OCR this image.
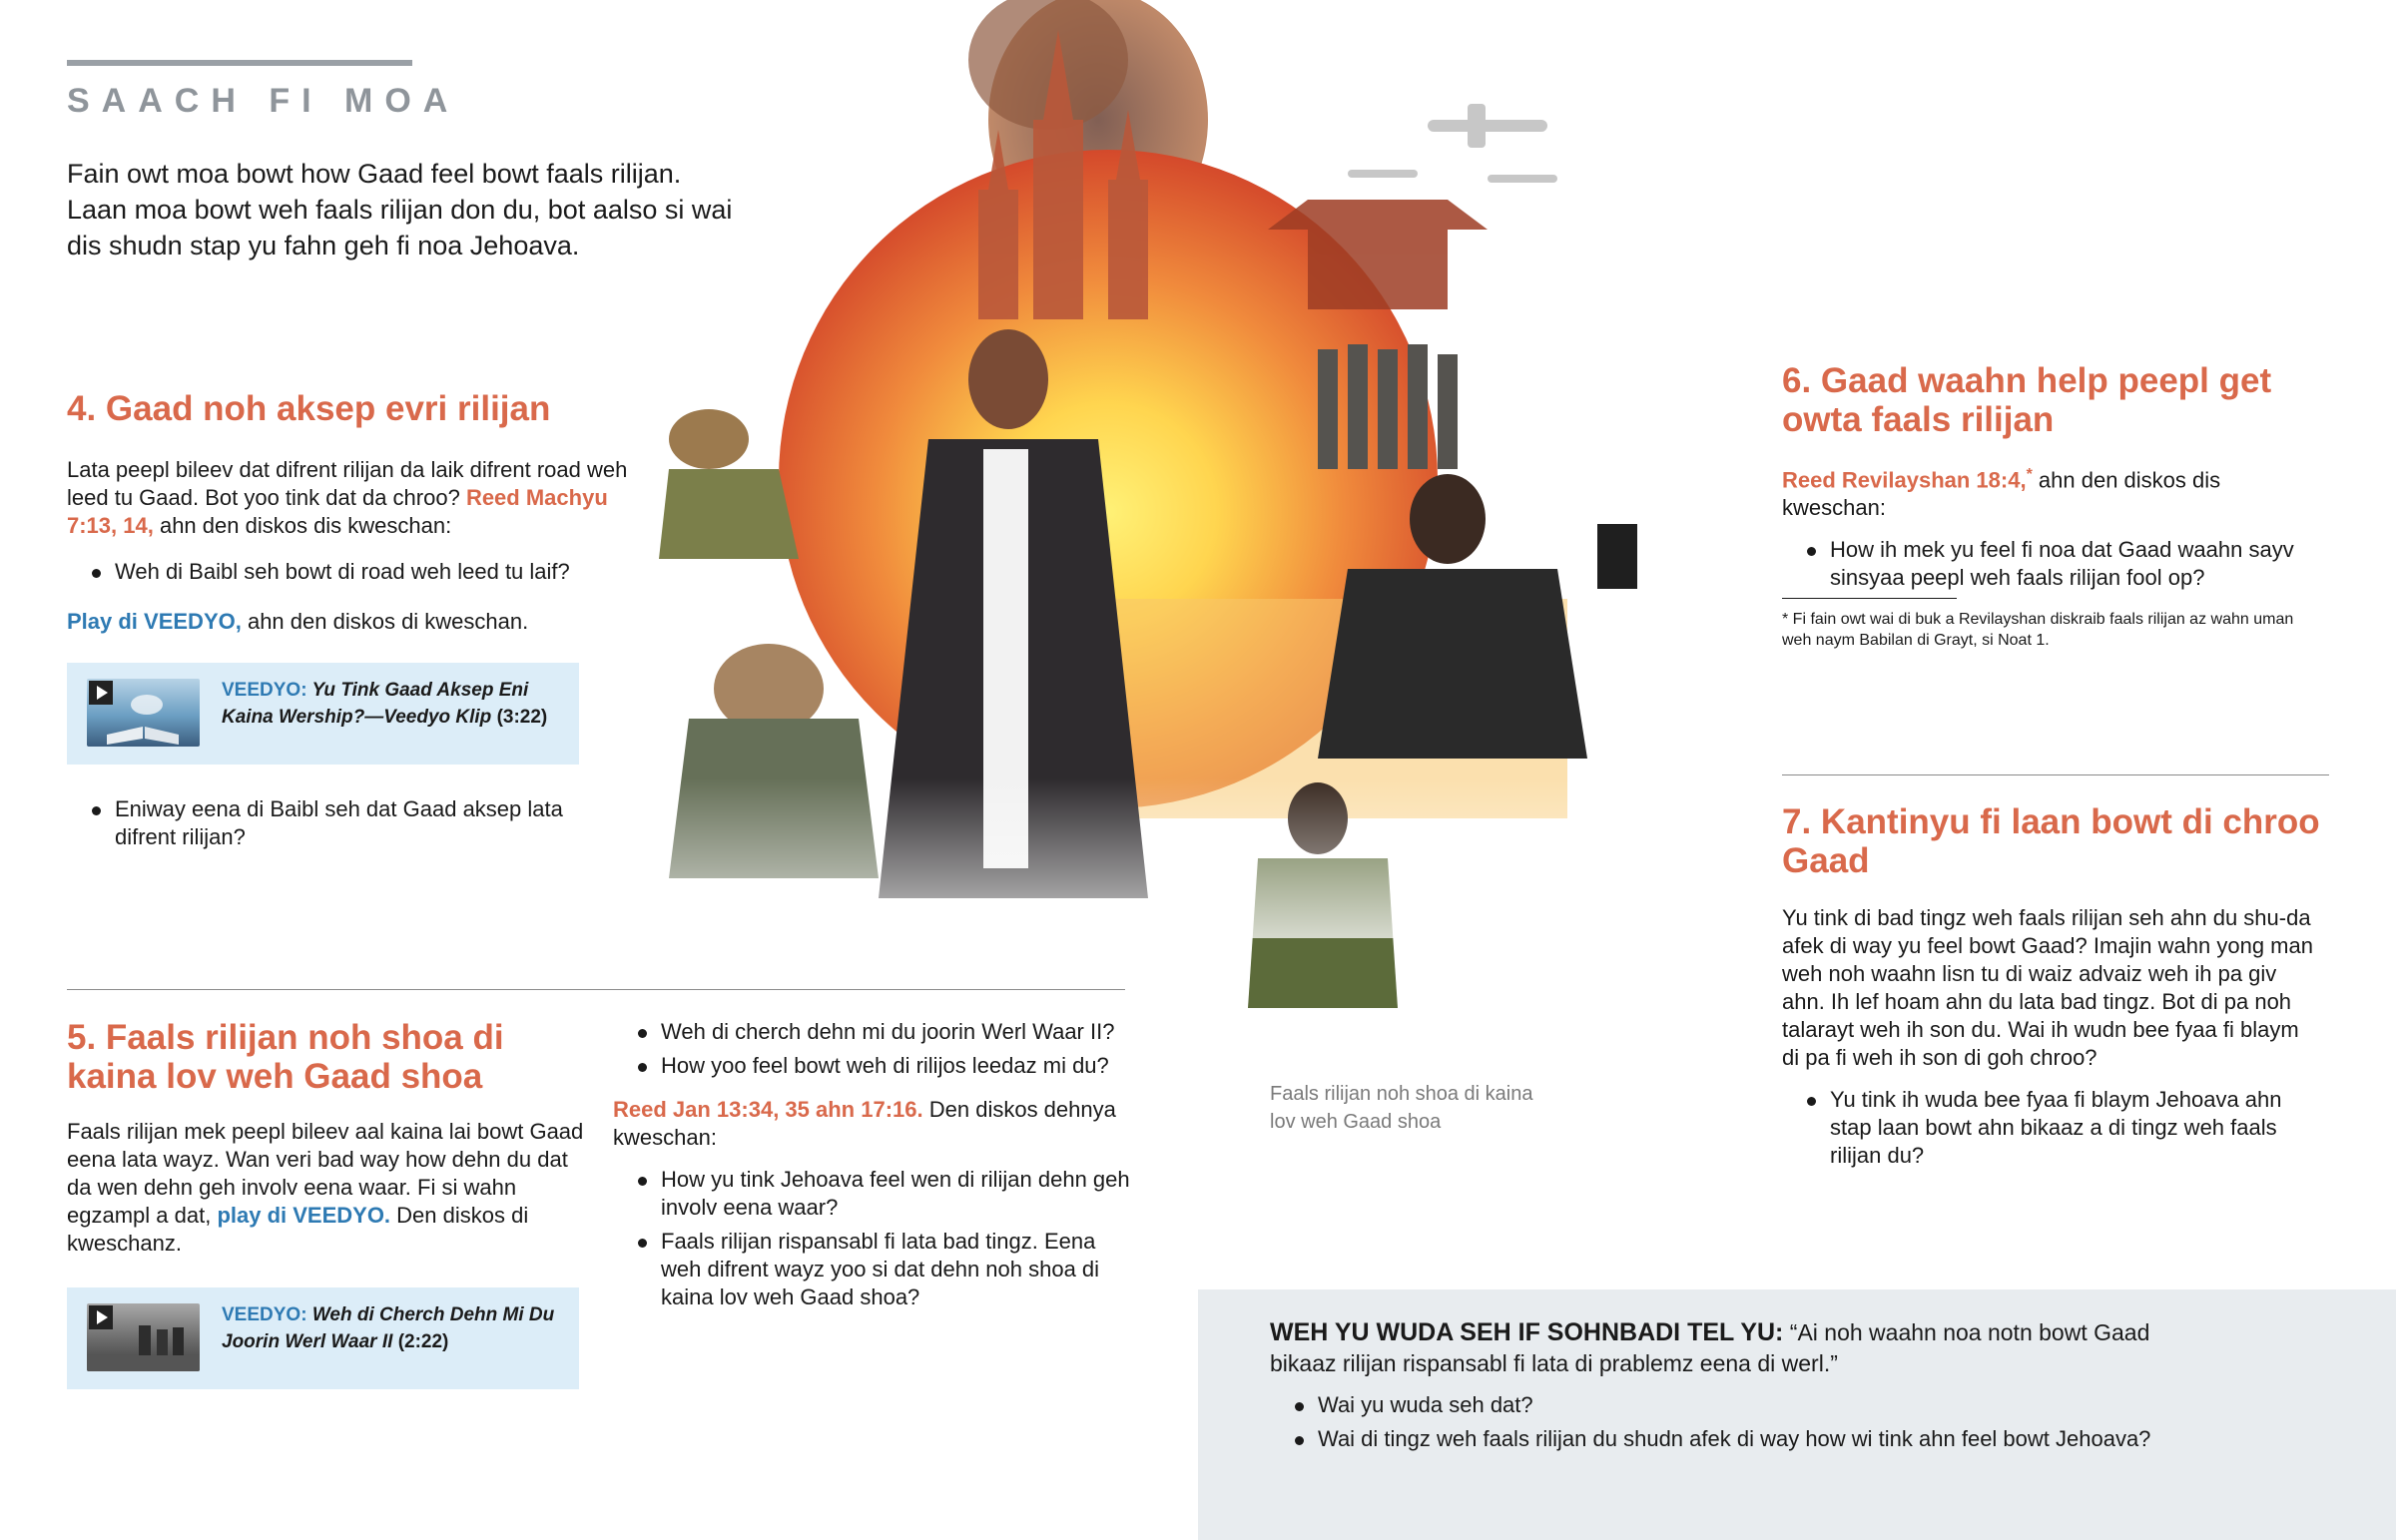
SAACH FI MOA
Fain owt moa bowt how Gaad feel bowt faals rilijan. Laan moa bowt weh faals rilijan don du, bot aalso si wai dis shudn stap yu fahn geh fi noa Jehoava.
4. Gaad noh aksep evri rilijan

Lata peepl bileev dat difrent rilijan da laik difrent road weh leed tu Gaad. Bot yoo tink dat da chroo? Reed Machyu 7:13, 14, ahn den diskos dis kweschan:

Weh di Baibl seh bowt di road weh leed tu laif?

Play di VEEDYO, ahn den diskos di kweschan.

VEEDYO: Yu Tink Gaad Aksep Eni Kaina Wership?—Veedyo Klip (3:22)
Eniway eena di Baibl seh dat Gaad aksep lata difrent rilijan?
5. Faals rilijan noh shoa di kaina lov weh Gaad shoa

Faals rilijan mek peepl bileev aal kaina lai bowt Gaad eena lata wayz. Wan veri bad way how dehn du dat da wen dehn geh involv eena waar. Fi si wahn egzampl a dat, play di VEEDYO. Den diskos di kweschanz.

VEEDYO: Weh di Cherch Dehn Mi Du Joorin Werl Waar II (2:22)
Weh di cherch dehn mi du joorin Werl Waar II?
How yoo feel bowt weh di rilijos leedaz mi du?

Reed Jan 13:34, 35 ahn 17:16. Den diskos dehnya kweschan:

How yu tink Jehoava feel wen di rilijan dehn geh involv eena waar?
Faals rilijan rispansabl fi lata bad tingz. Eena weh difrent wayz yoo si dat dehn noh shoa di kaina lov weh Gaad shoa?
Faals rilijan noh shoa di kaina lov weh Gaad shoa
6. Gaad waahn help peepl get owta faals rilijan

Reed Revilayshan 18:4,* ahn den diskos dis kweschan:

How ih mek yu feel fi noa dat Gaad waahn sayv sinsyaa peepl weh faals rilijan fool op?
* Fi fain owt wai di buk a Revilayshan diskraib faals rilijan az wahn uman weh naym Babilan di Grayt, si Noat 1.
7. Kantinyu fi laan bowt di chroo Gaad

Yu tink di bad tingz weh faals rilijan seh ahn du shu-da afek di way yu feel bowt Gaad? Imajin wahn yong man weh noh waahn lisn tu di waiz advaiz weh ih pa giv ahn. Ih lef hoam ahn du lata bad tingz. Bot di pa noh talarayt weh ih son du. Wai ih wudn bee fyaa fi blaym di pa fi weh ih son di goh chroo?

Yu tink ih wuda bee fyaa fi blaym Jehoava ahn stap laan bowt ahn bikaaz a di tingz weh faals rilijan du?

WEH YU WUDA SEH IF SOHNBADI TEL YU: “Ai noh waahn noa notn bowt Gaad bikaaz rilijan rispansabl fi lata di prablemz eena di werl.”

Wai yu wuda seh dat?
Wai di tingz weh faals rilijan du shudn afek di way how wi tink ahn feel bowt Jehoava?
